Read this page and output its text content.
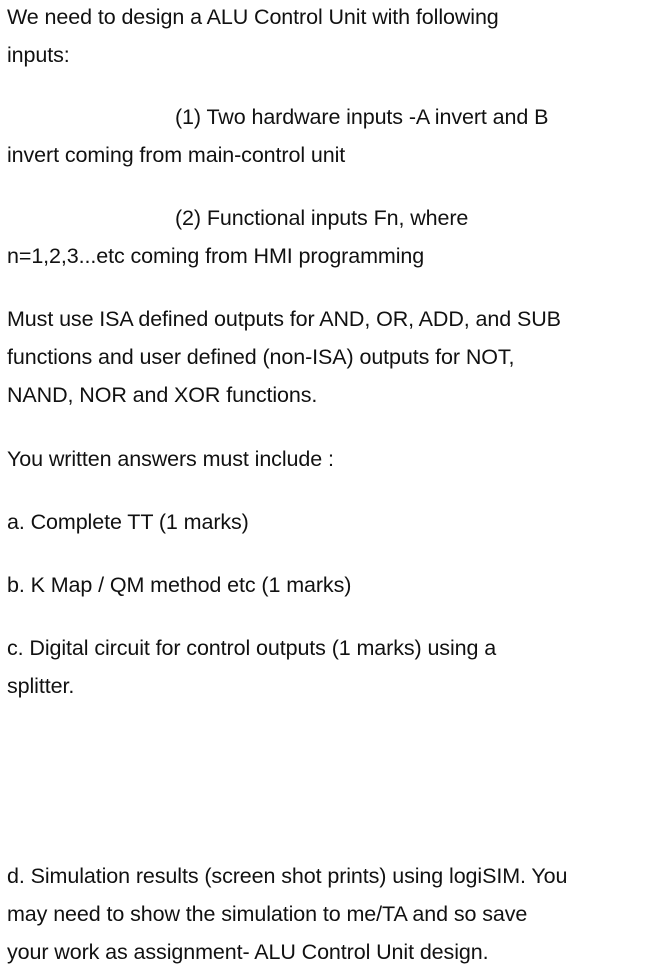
We need to design a ALU Control Unit with following
inputs:
(1) Two hardware inputs -A invert and B
invert coming from main-control unit
(2) Functional inputs Fn, where
n=1,2,3...etc coming from HMI programming
Must use ISA defined outputs for AND, OR, ADD, and SUB
functions and user defined (non-ISA) outputs for NOT,
NAND, NOR and XOR functions.
You written answers must include :
a. Complete TT (1 marks)
b. K Map / QM method etc (1 marks)
c. Digital circuit for control outputs (1 marks) using a
splitter.
d. Simulation results (screen shot prints) using logiSIM. You
may need to show the simulation to me/TA and so save
your work as assignment- ALU Control Unit design.
